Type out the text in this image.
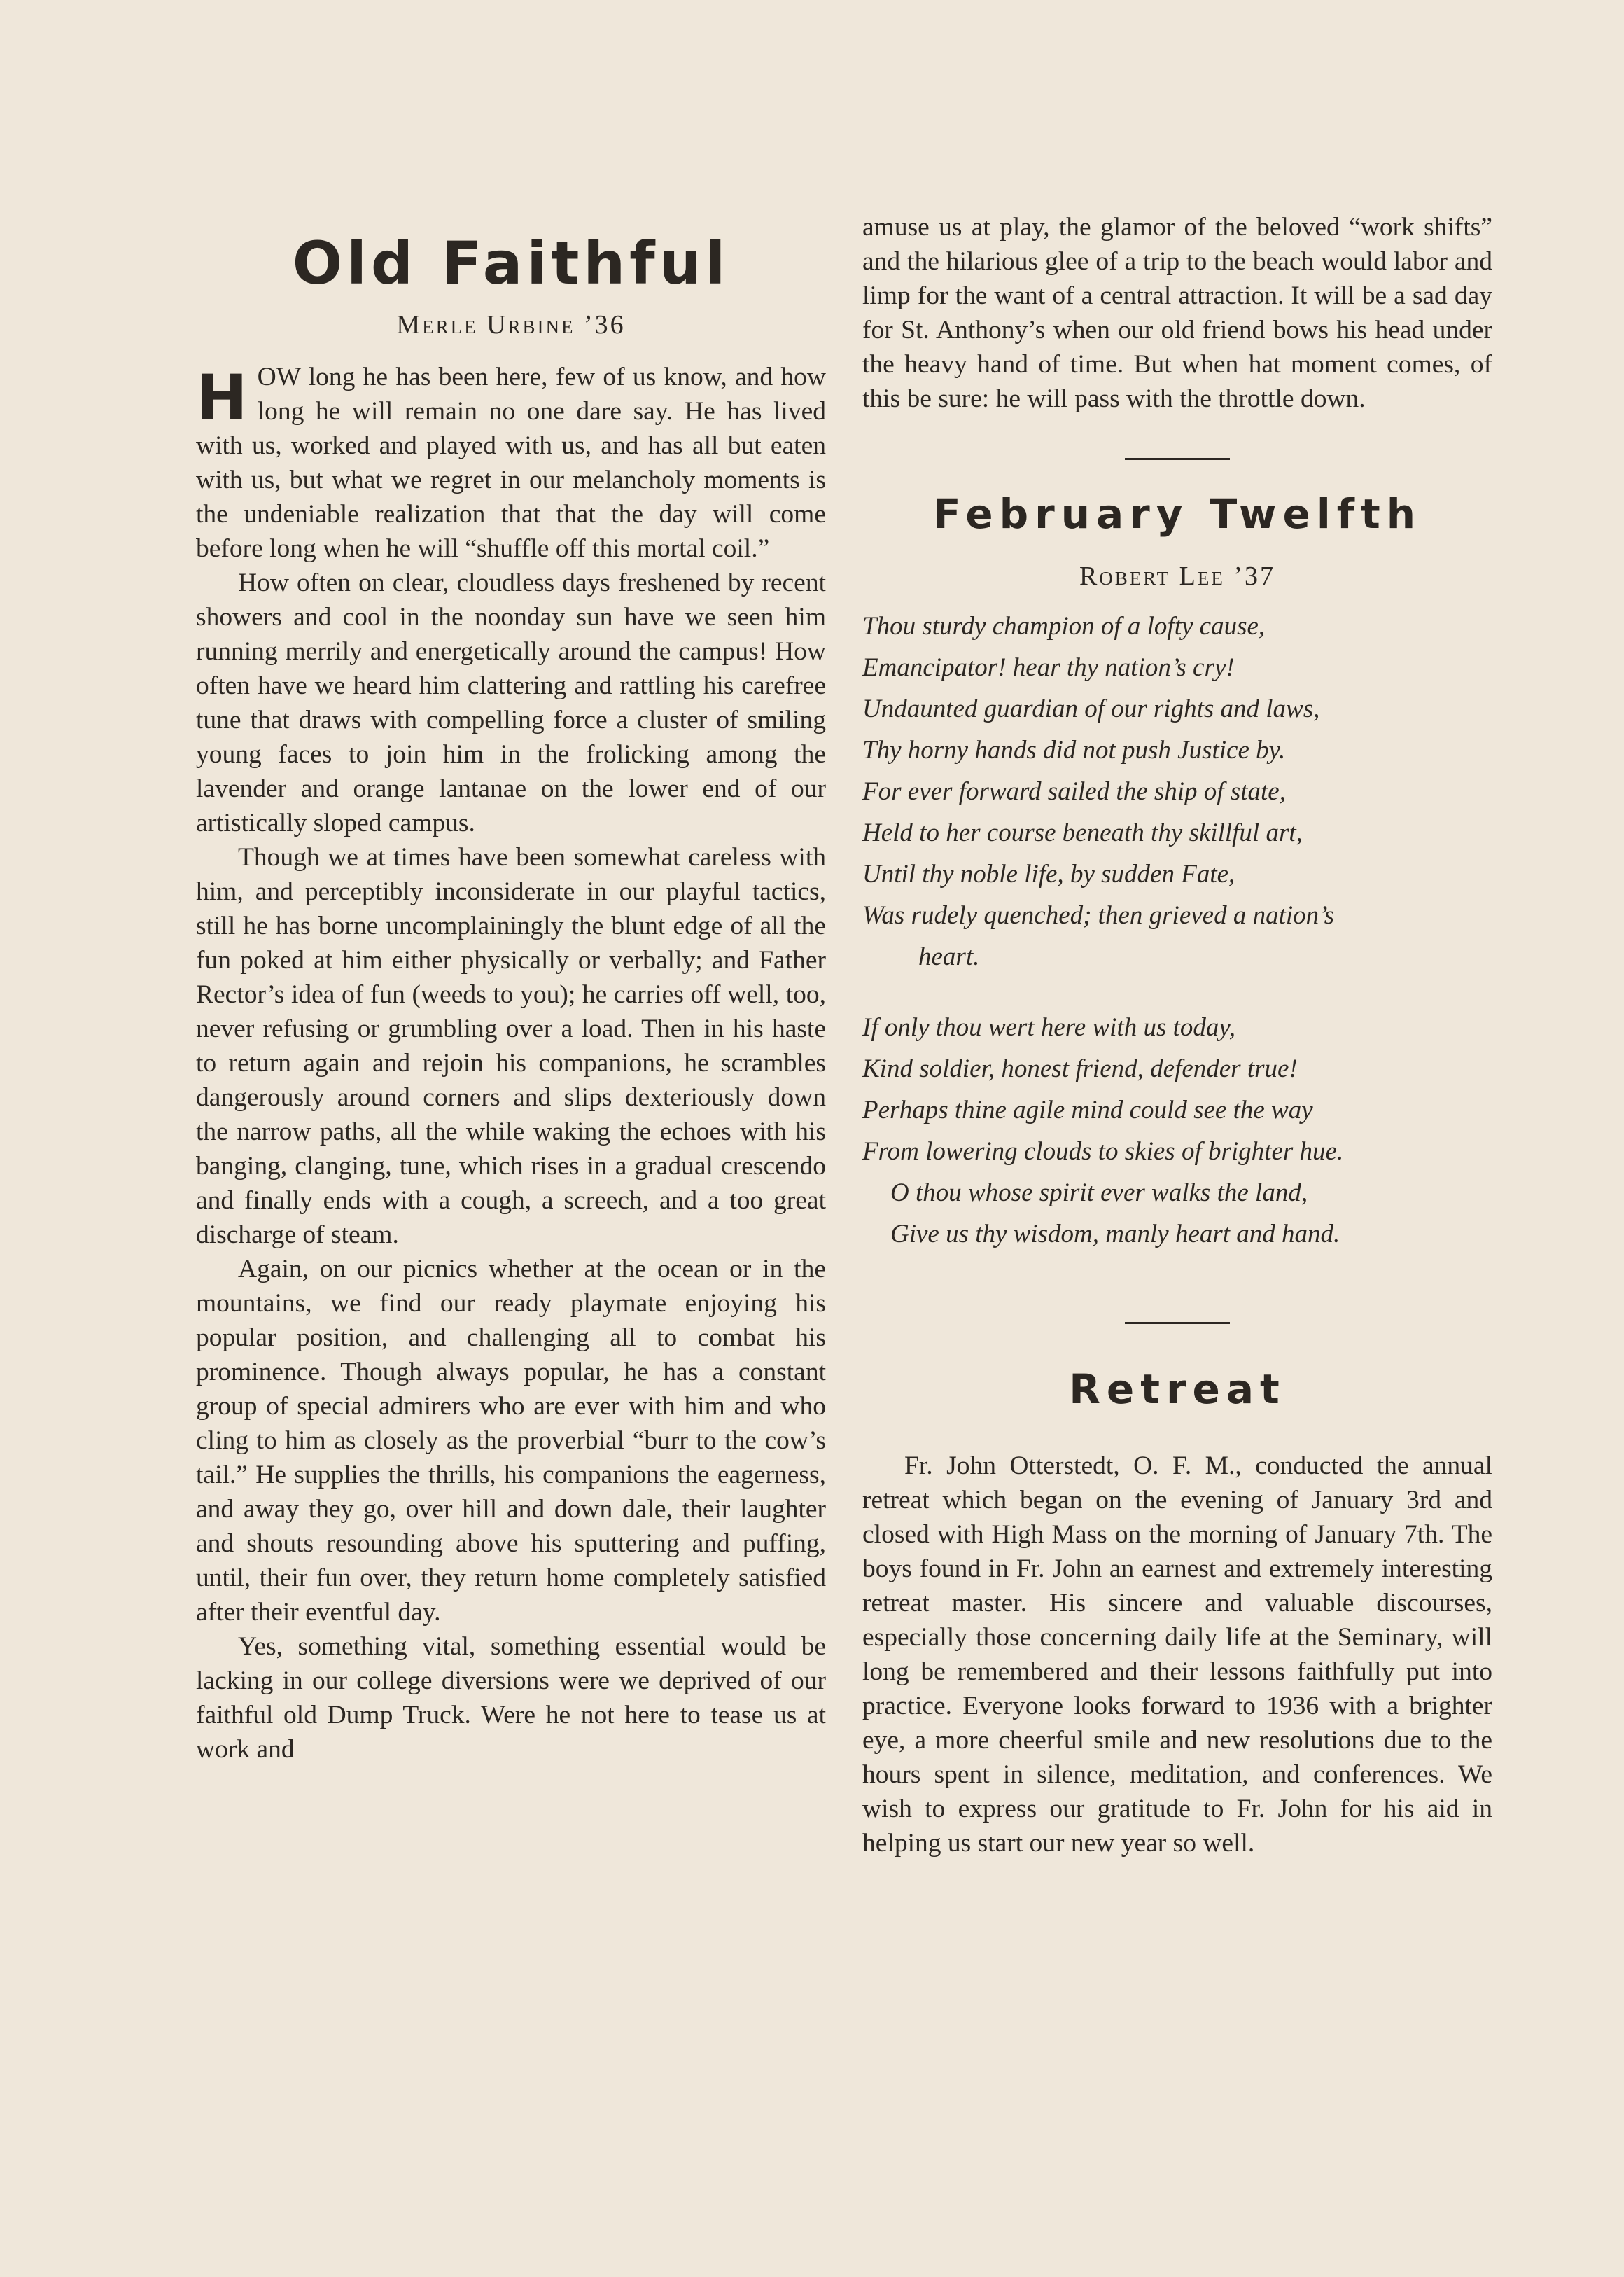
Old Faithful
Merle Urbine ’36

HOW long he has been here, few of us know, and how long he will remain no one dare say. He has lived with us, worked and played with us, and has all but eaten with us, but what we regret in our melancholy moments is the undeniable realization that that the day will come before long when he will “shuffle off this mortal coil.”

How often on clear, cloudless days freshened by recent showers and cool in the noonday sun have we seen him running merrily and energetically around the campus! How often have we heard him clattering and rattling his carefree tune that draws with compelling force a cluster of smiling young faces to join him in the frolicking among the lavender and orange lantanae on the lower end of our artistically sloped campus.

Though we at times have been somewhat careless with him, and perceptibly inconsiderate in our playful tactics, still he has borne uncomplainingly the blunt edge of all the fun poked at him either physically or verbally; and Father Rector’s idea of fun (weeds to you); he carries off well, too, never refusing or grumbling over a load. Then in his haste to return again and rejoin his companions, he scrambles dangerously around corners and slips dexteriously down the narrow paths, all the while waking the echoes with his banging, clanging, tune, which rises in a gradual crescendo and finally ends with a cough, a screech, and a too great discharge of steam.

Again, on our picnics whether at the ocean or in the mountains, we find our ready playmate enjoying his popular position, and challenging all to combat his prominence. Though always popular, he has a constant group of special admirers who are ever with him and who cling to him as closely as the proverbial “burr to the cow’s tail.” He supplies the thrills, his companions the eagerness, and away they go, over hill and down dale, their laughter and shouts resounding above his sputtering and puffing, until, their fun over, they return home completely satisfied after their eventful day.

Yes, something vital, something essential would be lacking in our college diversions were we deprived of our faithful old Dump Truck. Were he not here to tease us at work and

amuse us at play, the glamor of the beloved “work shifts” and the hilarious glee of a trip to the beach would labor and limp for the want of a central attraction. It will be a sad day for St. Anthony’s when our old friend bows his head under the heavy hand of time. But when hat moment comes, of this be sure: he will pass with the throttle down.

February Twelfth
Robert Lee ’37
Thou sturdy champion of a lofty cause,
Emancipator! hear thy nation’s cry!
Undaunted guardian of our rights and laws,
Thy horny hands did not push Justice by.
For ever forward sailed the ship of state,
Held to her course beneath thy skillful art,
Until thy noble life, by sudden Fate,
Was rudely quenched; then grieved a nation’s
heart.
If only thou wert here with us today,
Kind soldier, honest friend, defender true!
Perhaps thine agile mind could see the way
From lowering clouds to skies of brighter hue.
O thou whose spirit ever walks the land,
Give us thy wisdom, manly heart and hand.
Retreat

Fr. John Otterstedt, O. F. M., conducted the annual retreat which began on the evening of January 3rd and closed with High Mass on the morning of January 7th. The boys found in Fr. John an earnest and extremely interesting retreat master. His sincere and valuable discourses, especially those concerning daily life at the Seminary, will long be remembered and their lessons faithfully put into practice. Everyone looks forward to 1936 with a brighter eye, a more cheerful smile and new resolutions due to the hours spent in silence, meditation, and conferences. We wish to express our gratitude to Fr. John for his aid in helping us start our new year so well.
